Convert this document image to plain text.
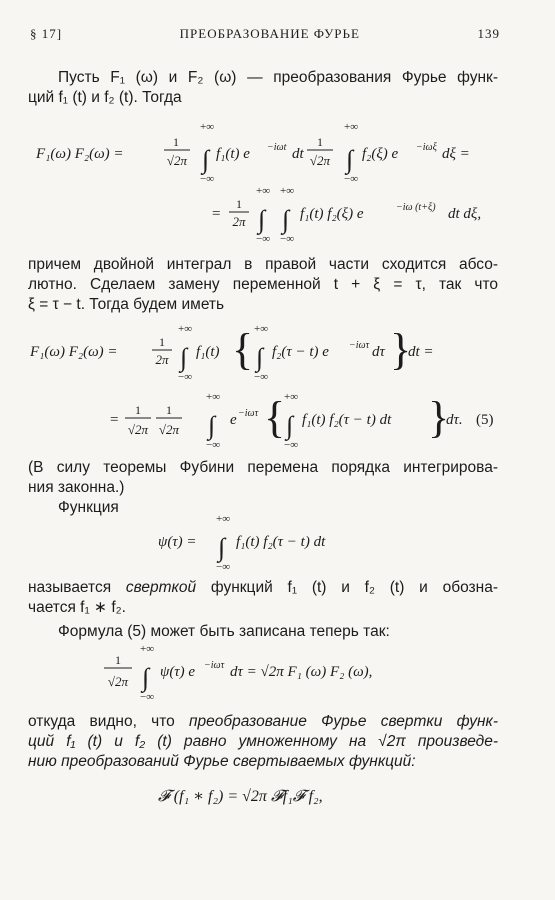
§ 17]	ПРЕОБРАЗОВАНИЕ ФУРЬЕ	139
Пусть F₁ (ω) и F₂ (ω) — преобразования Фурье функ-
ций f₁ (t) и f₂ (t). Тогда
F₁(ω) F₂(ω) =
1
√2π
+∞
∫
−∞
f₁(t) e −iωt dt
1
√2π
+∞
∫
−∞
f₂(ξ) e −iωξ dξ =
=
1
2π
+∞ +∞
∫ ∫
−∞ −∞
f₁(t) f₂(ξ) e	−iω (t+ξ) dt dξ,
причем двойной интеграл в правой части сходится абсо-
лютно. Сделаем замену переменной t + ξ = τ, так что
ξ = τ − t. Тогда будем иметь
F₁(ω) F₂(ω) =
1
2π
+∞
∫
−∞
f₁(t) { +∞
∫
−∞
f₂(τ − t) e −iωτ dτ }
dt =
=
1
√2π
1
√2π
+∞
∫
−∞
e −iωτ {
+∞
∫
−∞
f₁(t) f₂(τ − t) dt }
dτ. (5)
(В силу теоремы Фубини перемена порядка интегрирова-
ния законна.)
Функция
ψ(τ) =
+∞
∫
−∞
f₁(t) f₂(τ − t) dt
называется сверткой функций f₁ (t) и f₂ (t) и обозна-
чается f₁ ∗ f₂.
Формула (5) может быть записана теперь так:
1
√2π
+∞
∫
−∞
ψ(τ) e −iωτ dτ = √2π F₁ (ω) F₂ (ω),
откуда видно, что преобразование Фурье свертки функ-
ций f₁ (t) и f₂ (t) равно умноженному на √2π произведе-
нию преобразований Фурье свертываемых функций:
𝓕 (f₁ ∗ f₂) = √2π 𝓕f₁𝓕 f₂,
